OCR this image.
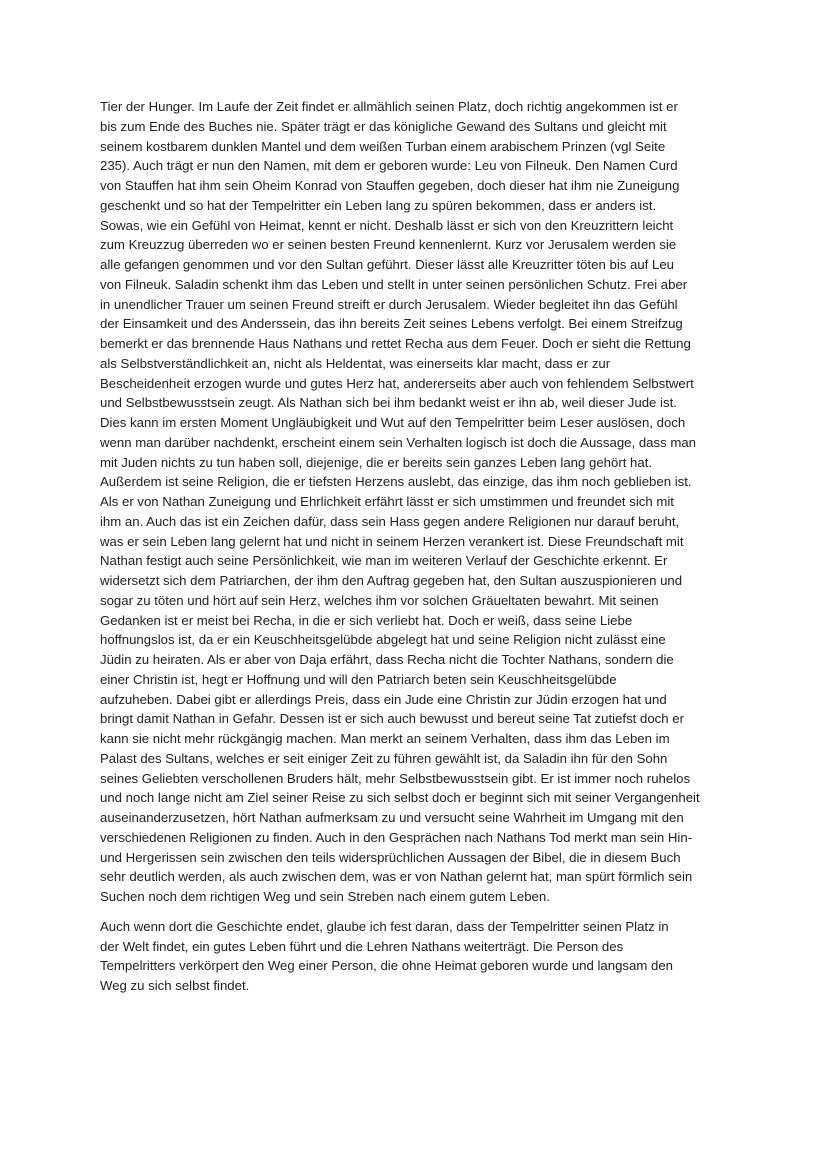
Tier der Hunger. Im Laufe der Zeit findet er allmählich seinen Platz, doch richtig angekommen ist er
bis zum Ende des Buches nie. Später trägt er das königliche Gewand des Sultans und gleicht mit
seinem kostbarem dunklen Mantel und dem weißen Turban einem arabischem Prinzen (vgl Seite
235). Auch trägt er nun den Namen, mit dem er geboren wurde: Leu von Filneuk. Den Namen Curd
von Stauffen hat ihm sein Oheim Konrad von Stauffen gegeben, doch dieser hat ihm nie Zuneigung
geschenkt und so hat der Tempelritter ein Leben lang zu spüren bekommen, dass er anders ist.
Sowas, wie ein Gefühl von Heimat, kennt er nicht. Deshalb lässt er sich von den Kreuzrittern leicht
zum Kreuzzug überreden wo er seinen besten Freund kennenlernt. Kurz vor Jerusalem werden sie
alle gefangen genommen und vor den Sultan geführt. Dieser lässt alle Kreuzritter töten bis auf Leu
von Filneuk. Saladin schenkt ihm das Leben und stellt in unter seinen persönlichen Schutz. Frei aber
in unendlicher Trauer um seinen Freund streift er durch Jerusalem. Wieder begleitet ihn das Gefühl
der Einsamkeit und des Anderssein, das ihn bereits Zeit seines Lebens verfolgt. Bei einem Streifzug
bemerkt er das brennende Haus Nathans und rettet Recha aus dem Feuer. Doch er sieht die Rettung
als Selbstverständlichkeit an, nicht als Heldentat, was einerseits klar macht, dass er zur
Bescheidenheit erzogen wurde und gutes Herz hat, andererseits aber auch von fehlendem Selbstwert
und Selbstbewusstsein zeugt. Als Nathan sich bei ihm bedankt weist er ihn ab, weil dieser Jude ist.
Dies kann im ersten Moment Ungläubigkeit und Wut auf den Tempelritter beim Leser auslösen, doch
wenn man darüber nachdenkt, erscheint einem sein Verhalten logisch ist doch die Aussage, dass man
mit Juden nichts zu tun haben soll, diejenige, die er bereits sein ganzes Leben lang gehört hat.
Außerdem ist seine Religion, die er tiefsten Herzens auslebt, das einzige, das ihm noch geblieben ist.
Als er von Nathan Zuneigung und Ehrlichkeit erfährt lässt er sich umstimmen und freundet sich mit
ihm an. Auch das ist ein Zeichen dafür, dass sein Hass gegen andere Religionen nur darauf beruht,
was er sein Leben lang gelernt hat und nicht in seinem Herzen verankert ist. Diese Freundschaft mit
Nathan festigt auch seine Persönlichkeit, wie man im weiteren Verlauf der Geschichte erkennt. Er
widersetzt sich dem Patriarchen, der ihm den Auftrag gegeben hat, den Sultan auszuspionieren und
sogar zu töten und hört auf sein Herz, welches ihm vor solchen Gräueltaten bewahrt. Mit seinen
Gedanken ist er meist bei Recha, in die er sich verliebt hat. Doch er weiß, dass seine Liebe
hoffnungslos ist, da er ein Keuschheitsgelübde abgelegt hat und seine Religion nicht zulässt eine
Jüdin zu heiraten. Als er aber von Daja erfährt, dass Recha nicht die Tochter Nathans, sondern die
einer Christin ist, hegt er Hoffnung und will den Patriarch beten sein Keuschheitsgelübde
aufzuheben. Dabei gibt er allerdings Preis, dass ein Jude eine Christin zur Jüdin erzogen hat und
bringt damit Nathan in Gefahr. Dessen ist er sich auch bewusst und bereut seine Tat zutiefst doch er
kann sie nicht mehr rückgängig machen. Man merkt an seinem Verhalten, dass ihm das Leben im
Palast des Sultans, welches er seit einiger Zeit zu führen gewählt ist, da Saladin ihn für den Sohn
seines Geliebten verschollenen Bruders hält, mehr Selbstbewusstsein gibt. Er ist immer noch ruhelos
und noch lange nicht am Ziel seiner Reise zu sich selbst doch er beginnt sich mit seiner Vergangenheit
auseinanderzusetzen, hört Nathan aufmerksam zu und versucht seine Wahrheit im Umgang mit den
verschiedenen Religionen zu finden. Auch in den Gesprächen nach Nathans Tod merkt man sein Hin-
und Hergerissen sein zwischen den teils widersprüchlichen Aussagen der Bibel, die in diesem Buch
sehr deutlich werden, als auch zwischen dem, was er von Nathan gelernt hat, man spürt förmlich sein
Suchen noch dem richtigen Weg und sein Streben nach einem gutem Leben.

Auch wenn dort die Geschichte endet, glaube ich fest daran, dass der Tempelritter seinen Platz in
der Welt findet, ein gutes Leben führt und die Lehren Nathans weiterträgt. Die Person des
Tempelritters verkörpert den Weg einer Person, die ohne Heimat geboren wurde und langsam den
Weg zu sich selbst findet.
